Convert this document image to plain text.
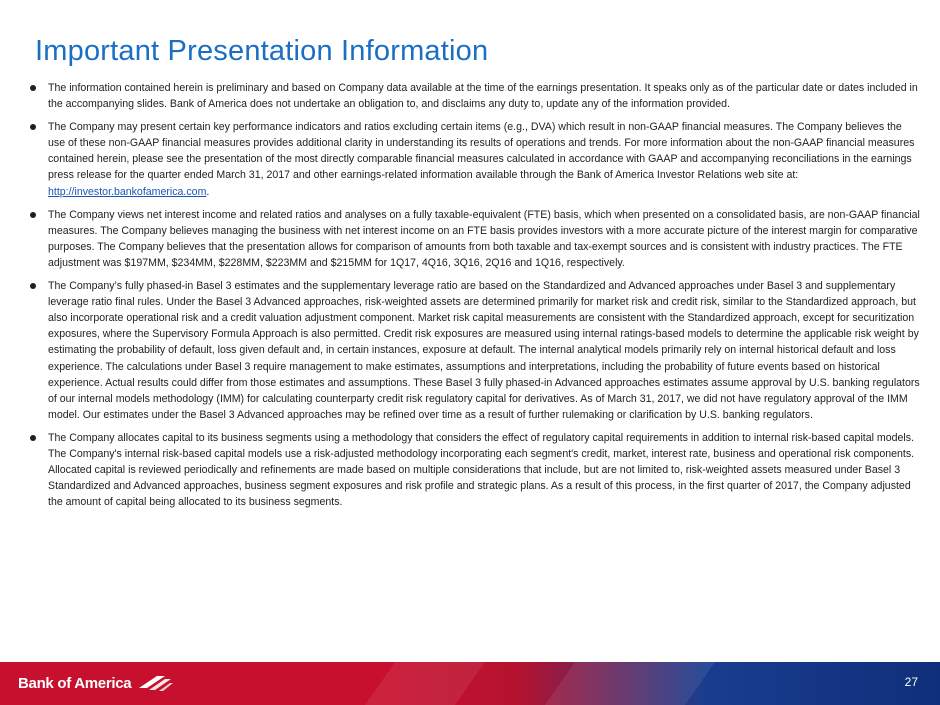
Important Presentation Information
The information contained herein is preliminary and based on Company data available at the time of the earnings presentation. It speaks only as of the particular date or dates included in the accompanying slides. Bank of America does not undertake an obligation to, and disclaims any duty to, update any of the information provided.
The Company may present certain key performance indicators and ratios excluding certain items (e.g., DVA) which result in non-GAAP financial measures. The Company believes the use of these non-GAAP financial measures provides additional clarity in understanding its results of operations and trends. For more information about the non-GAAP financial measures contained herein, please see the presentation of the most directly comparable financial measures calculated in accordance with GAAP and accompanying reconciliations in the earnings press release for the quarter ended March 31, 2017 and other earnings-related information available through the Bank of America Investor Relations web site at: http://investor.bankofamerica.com.
The Company views net interest income and related ratios and analyses on a fully taxable-equivalent (FTE) basis, which when presented on a consolidated basis, are non-GAAP financial measures. The Company believes managing the business with net interest income on an FTE basis provides investors with a more accurate picture of the interest margin for comparative purposes. The Company believes that the presentation allows for comparison of amounts from both taxable and tax-exempt sources and is consistent with industry practices. The FTE adjustment was $197MM, $234MM, $228MM, $223MM and $215MM for 1Q17, 4Q16, 3Q16, 2Q16 and 1Q16, respectively.
The Company’s fully phased-in Basel 3 estimates and the supplementary leverage ratio are based on the Standardized and Advanced approaches under Basel 3 and supplementary leverage ratio final rules. Under the Basel 3 Advanced approaches, risk-weighted assets are determined primarily for market risk and credit risk, similar to the Standardized approach, but also incorporate operational risk and a credit valuation adjustment component. Market risk capital measurements are consistent with the Standardized approach, except for securitization exposures, where the Supervisory Formula Approach is also permitted. Credit risk exposures are measured using internal ratings-based models to determine the applicable risk weight by estimating the probability of default, loss given default and, in certain instances, exposure at default. The internal analytical models primarily rely on internal historical default and loss experience. The calculations under Basel 3 require management to make estimates, assumptions and interpretations, including the probability of future events based on historical experience. Actual results could differ from those estimates and assumptions. These Basel 3 fully phased-in Advanced approaches estimates assume approval by U.S. banking regulators of our internal models methodology (IMM) for calculating counterparty credit risk regulatory capital for derivatives. As of March 31, 2017, we did not have regulatory approval of the IMM model. Our estimates under the Basel 3 Advanced approaches may be refined over time as a result of further rulemaking or clarification by U.S. banking regulators.
The Company allocates capital to its business segments using a methodology that considers the effect of regulatory capital requirements in addition to internal risk-based capital models. The Company's internal risk-based capital models use a risk-adjusted methodology incorporating each segment's credit, market, interest rate, business and operational risk components. Allocated capital is reviewed periodically and refinements are made based on multiple considerations that include, but are not limited to, risk-weighted assets measured under Basel 3 Standardized and Advanced approaches, business segment exposures and risk profile and strategic plans. As a result of this process, in the first quarter of 2017, the Company adjusted the amount of capital being allocated to its business segments.
Bank of America	27
